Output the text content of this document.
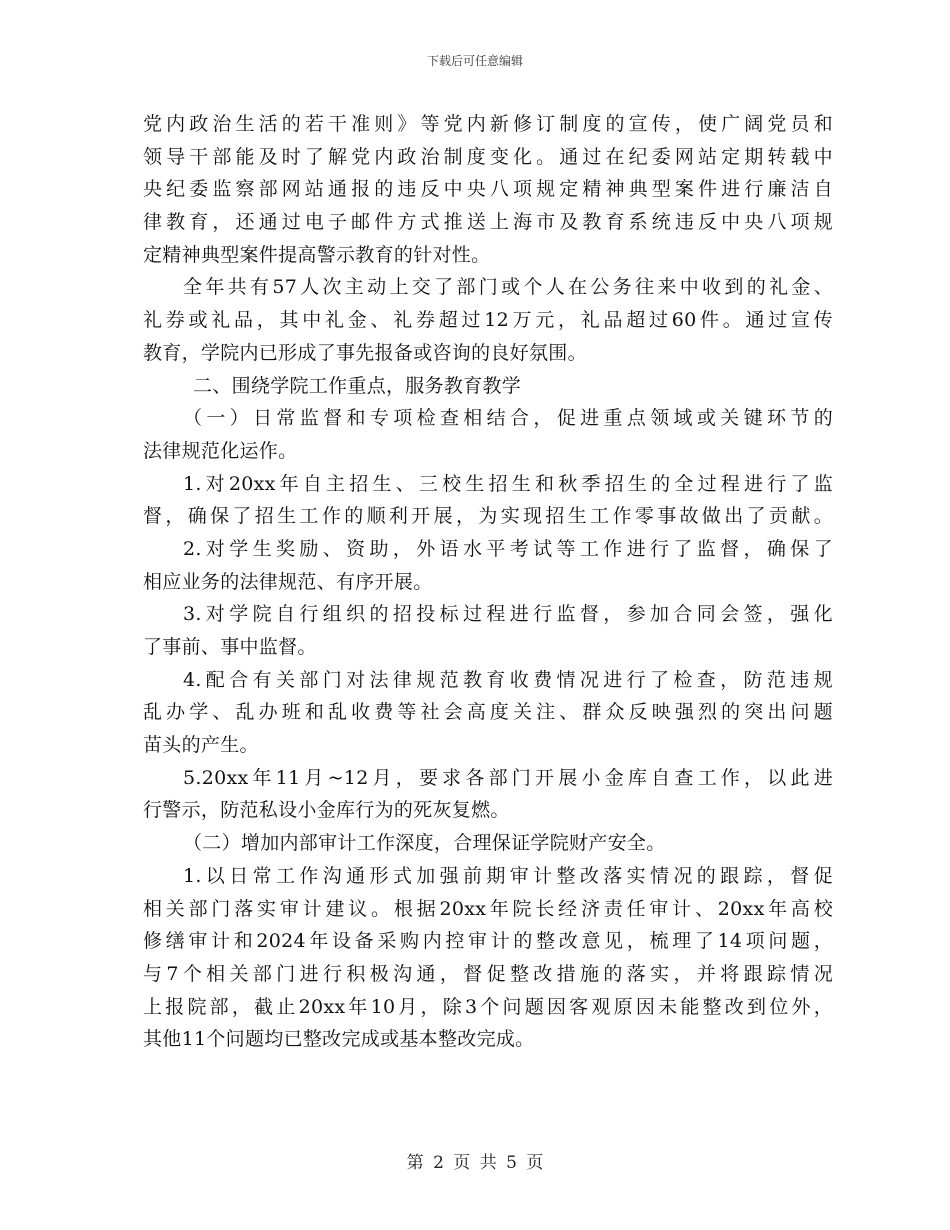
下载后可任意编辑
党内政治生活的若干准则》等党内新修订制度的宣传，使广阔党员和
领导干部能及时了解党内政治制度变化。通过在纪委网站定期转载中
央纪委监察部网站通报的违反中央八项规定精神典型案件进行廉洁自
律教育，还通过电子邮件方式推送上海市及教育系统违反中央八项规
定精神典型案件提高警示教育的针对性。
全年共有57人次主动上交了部门或个人在公务往来中收到的礼金、
礼券或礼品，其中礼金、礼券超过12万元，礼品超过60件。通过宣传
教育，学院内已形成了事先报备或咨询的良好氛围。
二、围绕学院工作重点，服务教育教学
（一）日常监督和专项检查相结合，促进重点领域或关键环节的
法律规范化运作。
1.对20xx年自主招生、三校生招生和秋季招生的全过程进行了监
督，确保了招生工作的顺利开展，为实现招生工作零事故做出了贡献。
2.对学生奖励、资助，外语水平考试等工作进行了监督，确保了
相应业务的法律规范、有序开展。
3.对学院自行组织的招投标过程进行监督，参加合同会签，强化
了事前、事中监督。
4.配合有关部门对法律规范教育收费情况进行了检查，防范违规
乱办学、乱办班和乱收费等社会高度关注、群众反映强烈的突出问题
苗头的产生。
5.20xx年11月~12月，要求各部门开展小金库自查工作，以此进
行警示，防范私设小金库行为的死灰复燃。
（二）增加内部审计工作深度，合理保证学院财产安全。
1.以日常工作沟通形式加强前期审计整改落实情况的跟踪，督促
相关部门落实审计建议。根据20xx年院长经济责任审计、20xx年高校
修缮审计和2024年设备采购内控审计的整改意见，梳理了14项问题，
与7个相关部门进行积极沟通，督促整改措施的落实，并将跟踪情况
上报院部，截止20xx年10月，除3个问题因客观原因未能整改到位外，
其他11个问题均已整改完成或基本整改完成。
第 2 页 共 5 页
